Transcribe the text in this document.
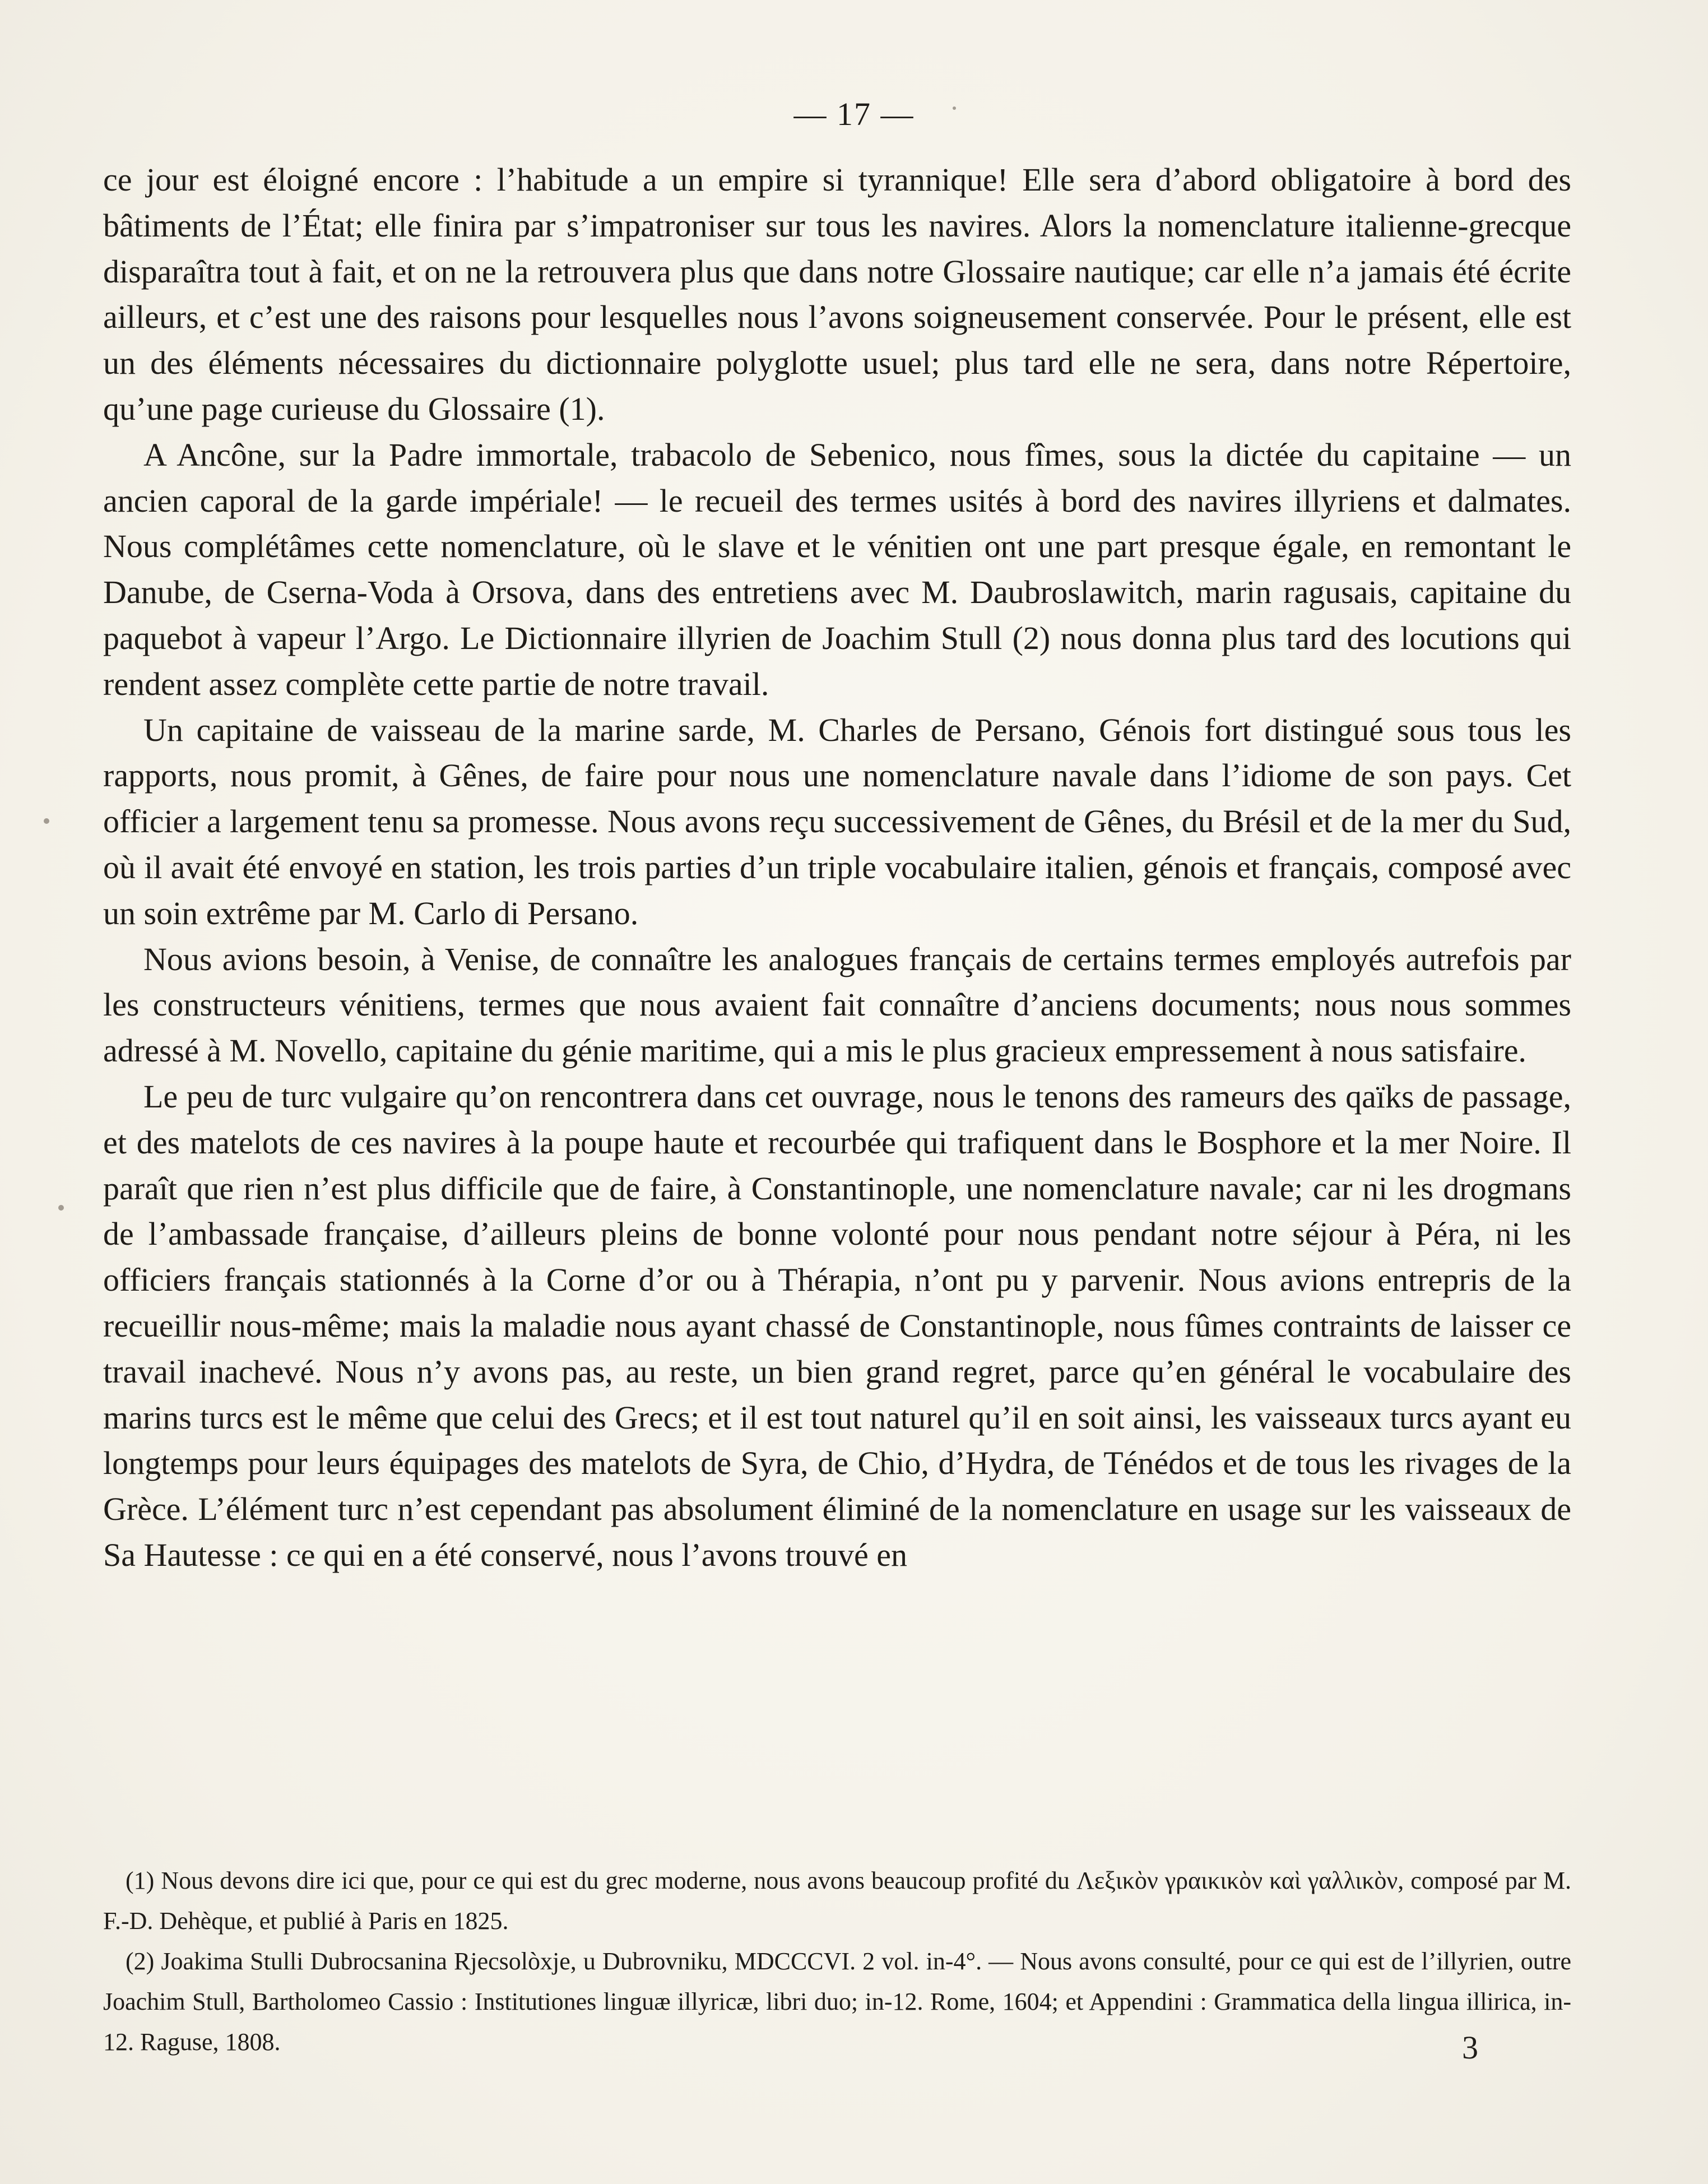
— 17 —

ce jour est éloigné encore : l’habitude a un empire si tyrannique! Elle sera d’abord obligatoire à bord des bâtiments de l’État; elle finira par s’impatroniser sur tous les navires. Alors la nomenclature italienne-grecque disparaîtra tout à fait, et on ne la retrouvera plus que dans notre Glossaire nautique; car elle n’a jamais été écrite ailleurs, et c’est une des raisons pour lesquelles nous l’avons soigneusement conservée. Pour le présent, elle est un des éléments nécessaires du dictionnaire polyglotte usuel; plus tard elle ne sera, dans notre Répertoire, qu’une page curieuse du Glossaire (1).

A Ancône, sur la Padre immortale, trabacolo de Sebenico, nous fîmes, sous la dictée du capitaine — un ancien caporal de la garde impériale! — le recueil des termes usités à bord des navires illyriens et dalmates. Nous complétâmes cette nomenclature, où le slave et le vénitien ont une part presque égale, en remontant le Danube, de Cserna-Voda à Orsova, dans des entretiens avec M. Daubroslawitch, marin ragusais, capitaine du paquebot à vapeur l’Argo. Le Dictionnaire illyrien de Joachim Stull (2) nous donna plus tard des locutions qui rendent assez complète cette partie de notre travail.

Un capitaine de vaisseau de la marine sarde, M. Charles de Persano, Génois fort distingué sous tous les rapports, nous promit, à Gênes, de faire pour nous une nomenclature navale dans l’idiome de son pays. Cet officier a largement tenu sa promesse. Nous avons reçu successivement de Gênes, du Brésil et de la mer du Sud, où il avait été envoyé en station, les trois parties d’un triple vocabulaire italien, génois et français, composé avec un soin extrême par M. Carlo di Persano.

Nous avions besoin, à Venise, de connaître les analogues français de certains termes employés autrefois par les constructeurs vénitiens, termes que nous avaient fait connaître d’anciens documents; nous nous sommes adressé à M. Novello, capitaine du génie maritime, qui a mis le plus gracieux empressement à nous satisfaire.

Le peu de turc vulgaire qu’on rencontrera dans cet ouvrage, nous le tenons des rameurs des qaïks de passage, et des matelots de ces navires à la poupe haute et recourbée qui trafiquent dans le Bosphore et la mer Noire. Il paraît que rien n’est plus difficile que de faire, à Constantinople, une nomenclature navale; car ni les drogmans de l’ambassade française, d’ailleurs pleins de bonne volonté pour nous pendant notre séjour à Péra, ni les officiers français stationnés à la Corne d’or ou à Thérapia, n’ont pu y parvenir. Nous avions entrepris de la recueillir nous-même; mais la maladie nous ayant chassé de Constantinople, nous fûmes contraints de laisser ce travail inachevé. Nous n’y avons pas, au reste, un bien grand regret, parce qu’en général le vocabulaire des marins turcs est le même que celui des Grecs; et il est tout naturel qu’il en soit ainsi, les vaisseaux turcs ayant eu longtemps pour leurs équipages des matelots de Syra, de Chio, d’Hydra, de Ténédos et de tous les rivages de la Grèce. L’élément turc n’est cependant pas absolument éliminé de la nomenclature en usage sur les vaisseaux de Sa Hautesse : ce qui en a été conservé, nous l’avons trouvé en

(1) Nous devons dire ici que, pour ce qui est du grec moderne, nous avons beaucoup profité du Λεξικὸν γραικικὸν καὶ γαλλικὸν, composé par M. F.-D. Dehèque, et publié à Paris en 1825.

(2) Joakima Stulli Dubrocsanina Rjecsolòxje, u Dubrovniku, MDCCCVI. 2 vol. in-4°. — Nous avons consulté, pour ce qui est de l’illyrien, outre Joachim Stull, Bartholomeo Cassio : Institutiones linguæ illyricæ, libri duo; in-12. Rome, 1604; et Appendini : Grammatica della lingua illirica, in-12. Raguse, 1808.	3
